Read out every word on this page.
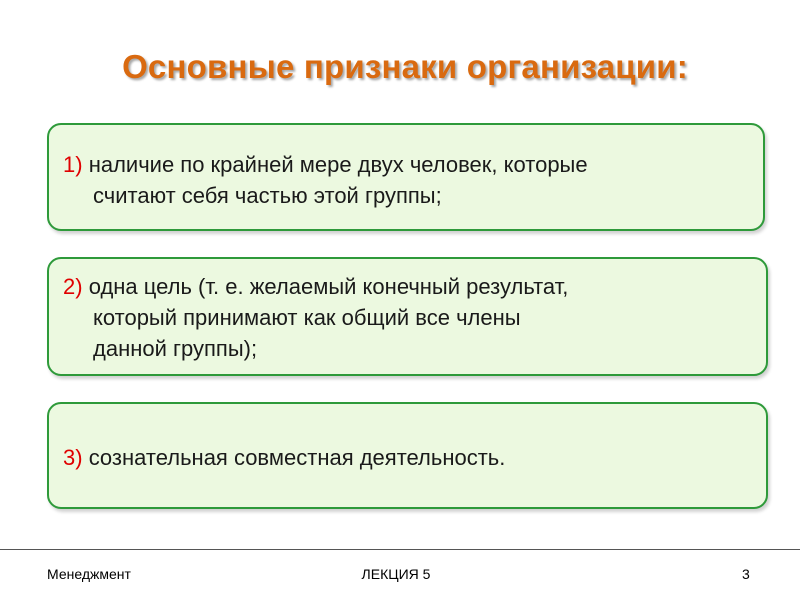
Основные признаки организации:
1) наличие по крайней мере двух человек, которые
считают себя частью этой группы;
2) одна цель (т. е. желаемый конечный результат,
который принимают как общий все члены
данной группы);
3) сознательная совместная деятельность.
Менеджмент	ЛЕКЦИЯ 5	3
